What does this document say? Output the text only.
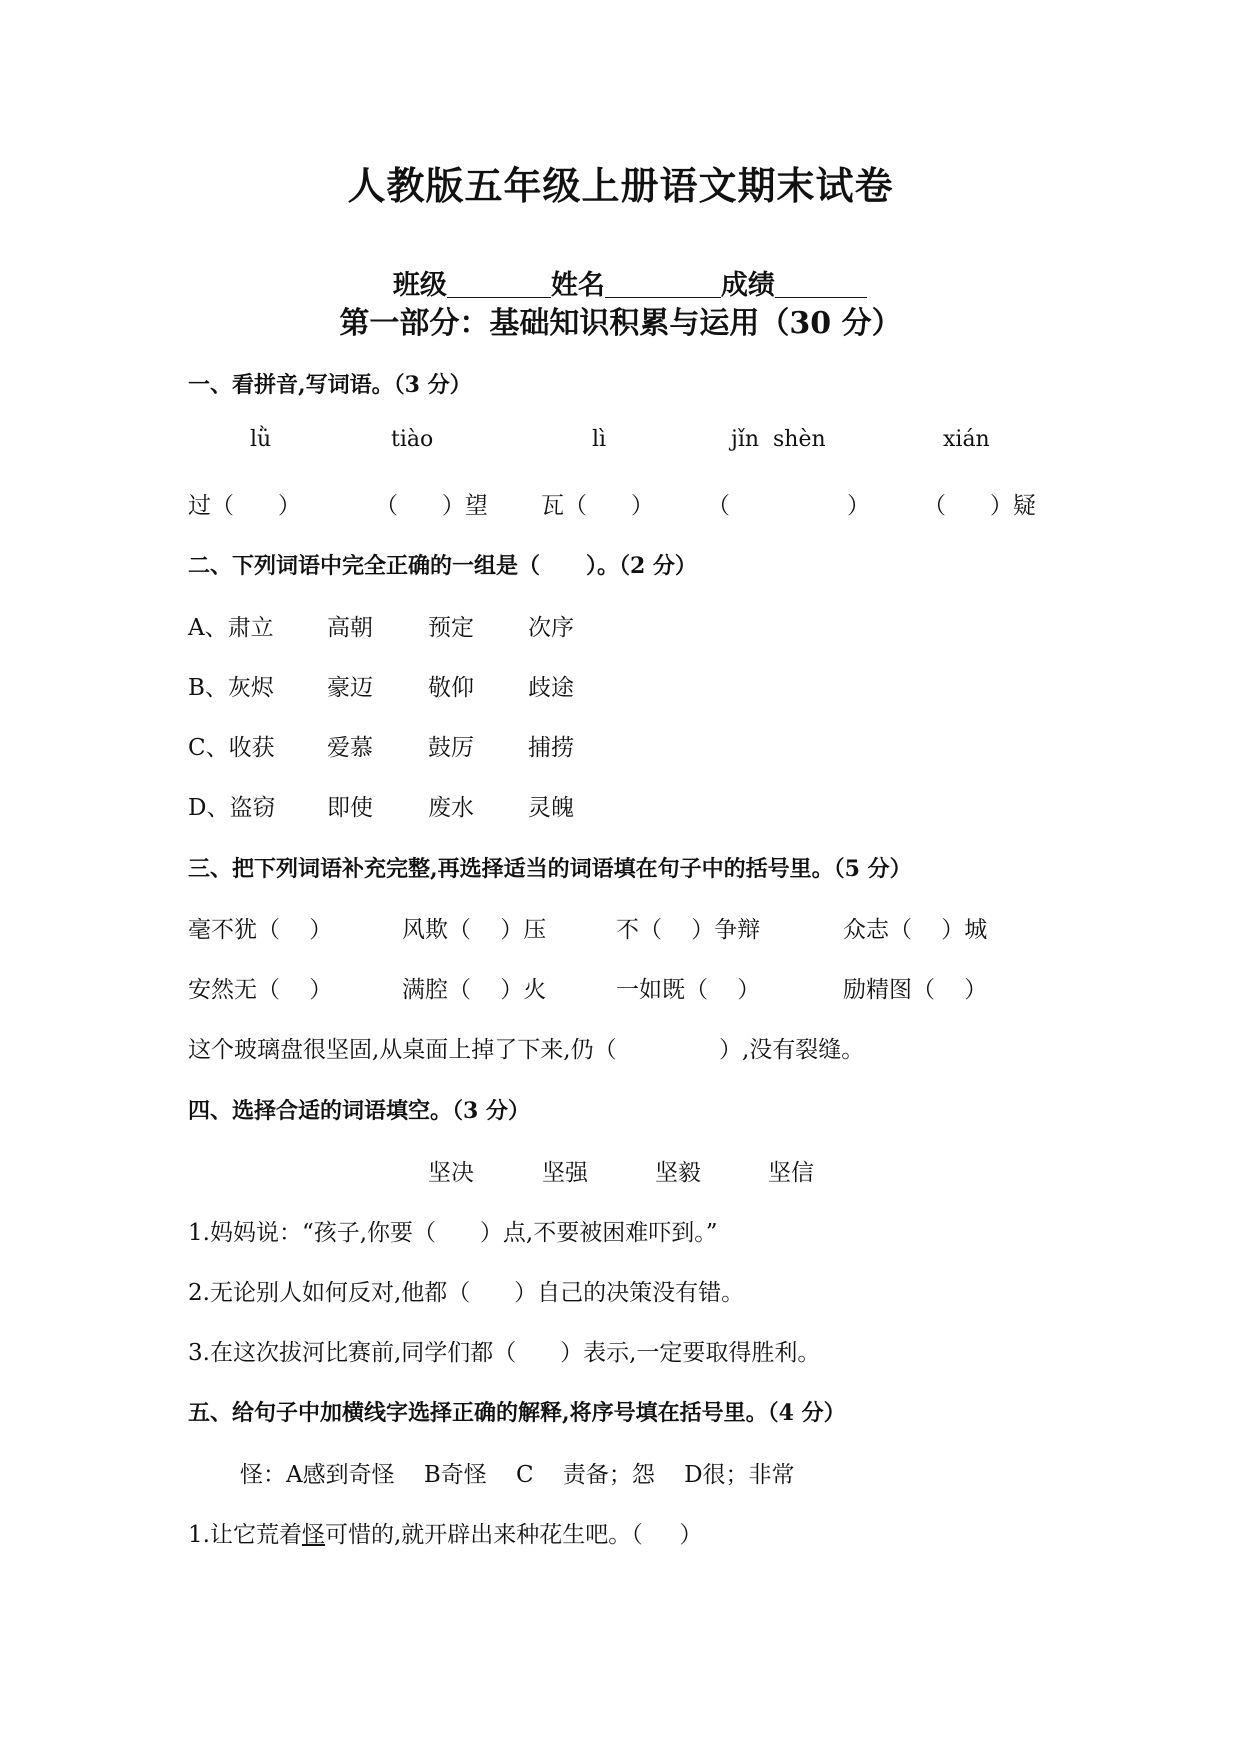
人教版五年级上册语文期末试卷

班级	姓名	成绩

第一部分：基础知识积累与运用（30 分）
一、看拼音,写词语。（3 分）
lǜ	tiào	lì	jǐn  shèn	xián
过（      ）	（      ）望 瓦（      ） （                ） （      ）疑
二、下列词语中完全正确的一组是（      ）。（2 分）
A、肃立 高朝 预定 次序
B、灰烬 豪迈 敬仰 歧途
C、收获 爱慕 鼓厉 捕捞
D、盗窃 即使 废水 灵魄
三、把下列词语补充完整,再选择适当的词语填在句子中的括号里。（5 分）
毫不犹（    ）	风欺（    ）压	不（    ）争辩	众志（    ）城
安然无（    ）	满腔（    ）火	一如既（    ）	励精图（    ）
这个玻璃盘很坚固,从桌面上掉了下来,仍（              ）,没有裂缝。
四、选择合适的词语填空。（3 分）
坚决	坚强	坚毅	坚信
1.妈妈说：“孩子,你要（      ）点,不要被困难吓到。”
2.无论别人如何反对,他都（      ）自己的决策没有错。
3.在这次拔河比赛前,同学们都（      ）表示,一定要取得胜利。
五、给句子中加横线字选择正确的解释,将序号填在括号里。（4 分）
怪：A感到奇怪    B奇怪    C    责备；怨    D很；非常
1.让它荒着怪可惜的,就开辟出来种花生吧。（     ）
